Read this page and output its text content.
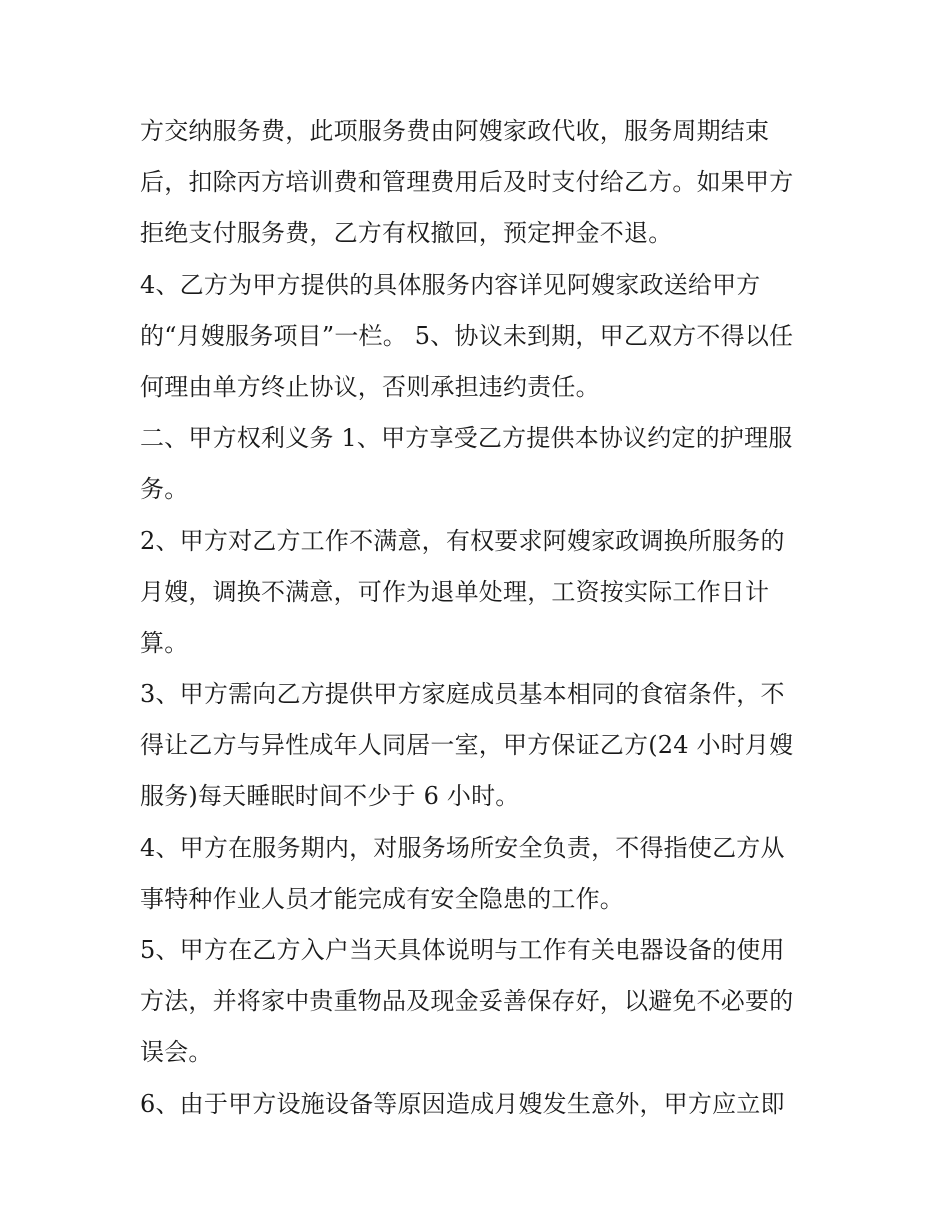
方交纳服务费，此项服务费由阿嫂家政代收，服务周期结束
后，扣除丙方培训费和管理费用后及时支付给乙方。如果甲方
拒绝支付服务费，乙方有权撤回，预定押金不退。
4、乙方为甲方提供的具体服务内容详见阿嫂家政送给甲方
的“月嫂服务项目”一栏。 5、协议未到期，甲乙双方不得以任
何理由单方终止协议，否则承担违约责任。
二、甲方权利义务 1、甲方享受乙方提供本协议约定的护理服
务。
2、甲方对乙方工作不满意，有权要求阿嫂家政调换所服务的
月嫂，调换不满意，可作为退单处理，工资按实际工作日计
算。
3、甲方需向乙方提供甲方家庭成员基本相同的食宿条件，不
得让乙方与异性成年人同居一室，甲方保证乙方(24 小时月嫂
服务)每天睡眠时间不少于 6 小时。
4、甲方在服务期内，对服务场所安全负责，不得指使乙方从
事特种作业人员才能完成有安全隐患的工作。
5、甲方在乙方入户当天具体说明与工作有关电器设备的使用
方法，并将家中贵重物品及现金妥善保存好，以避免不必要的
误会。
6、由于甲方设施设备等原因造成月嫂发生意外，甲方应立即
